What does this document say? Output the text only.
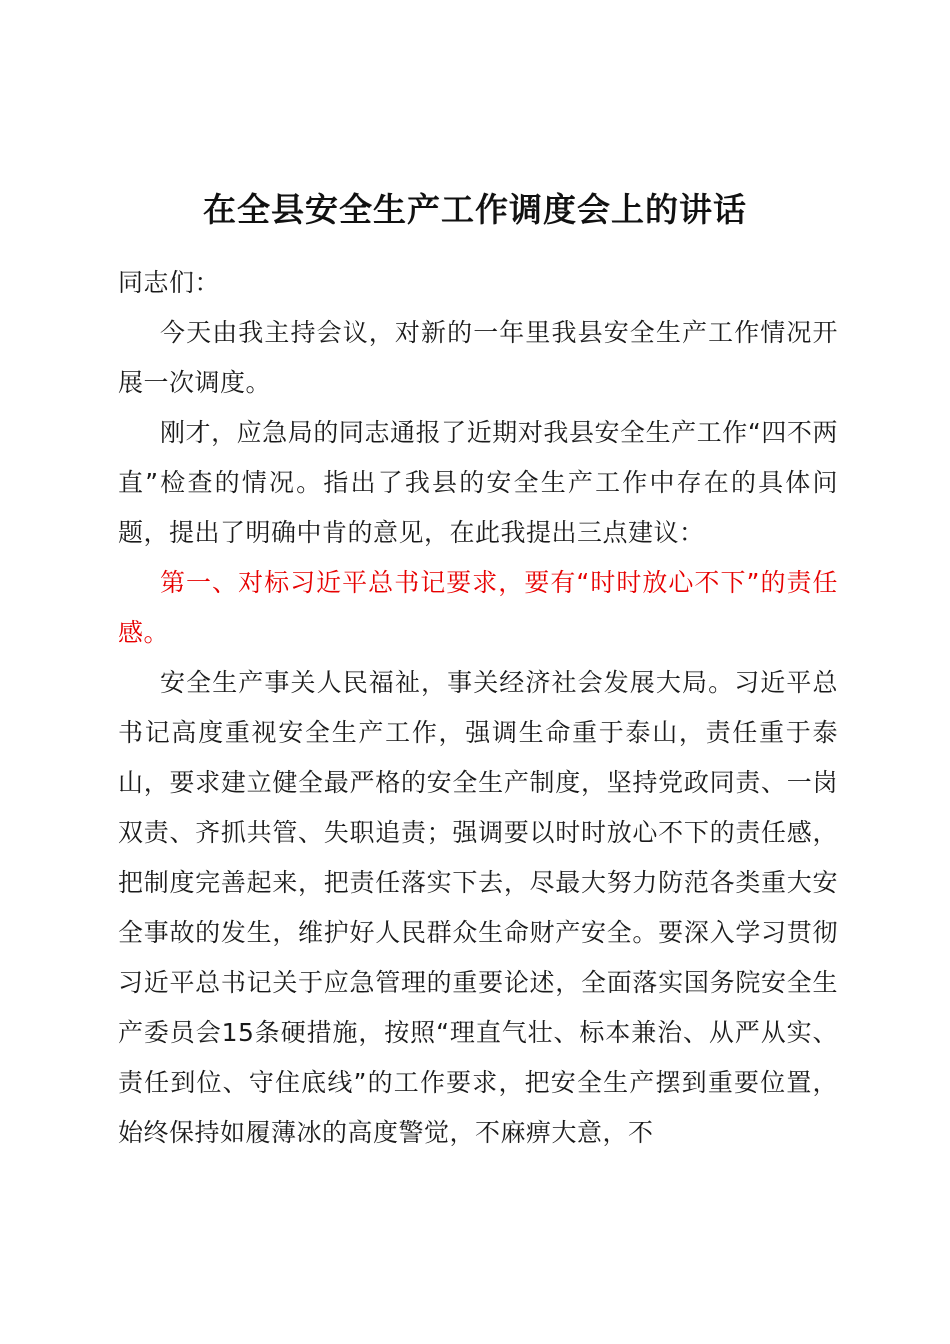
在全县安全生产工作调度会上的讲话

同志们：

今天由我主持会议，对新的一年里我县安全生产工作情况开展一次调度。

刚才，应急局的同志通报了近期对我县安全生产工作“四不两直”检查的情况。指出了我县的安全生产工作中存在的具体问题，提出了明确中肯的意见，在此我提出三点建议：

第一、对标习近平总书记要求，要有“时时放心不下”的责任感。

安全生产事关人民福祉，事关经济社会发展大局。习近平总书记高度重视安全生产工作，强调生命重于泰山，责任重于泰山，要求建立健全最严格的安全生产制度，坚持党政同责、一岗双责、齐抓共管、失职追责；强调要以时时放心不下的责任感，把制度完善起来，把责任落实下去，尽最大努力防范各类重大安全事故的发生，维护好人民群众生命财产安全。要深入学习贯彻习近平总书记关于应急管理的重要论述，全面落实国务院安全生产委员会15条硬措施，按照“理直气壮、标本兼治、从严从实、责任到位、守住底线”的工作要求，把安全生产摆到重要位置，始终保持如履薄冰的高度警觉，不麻痹大意，不
